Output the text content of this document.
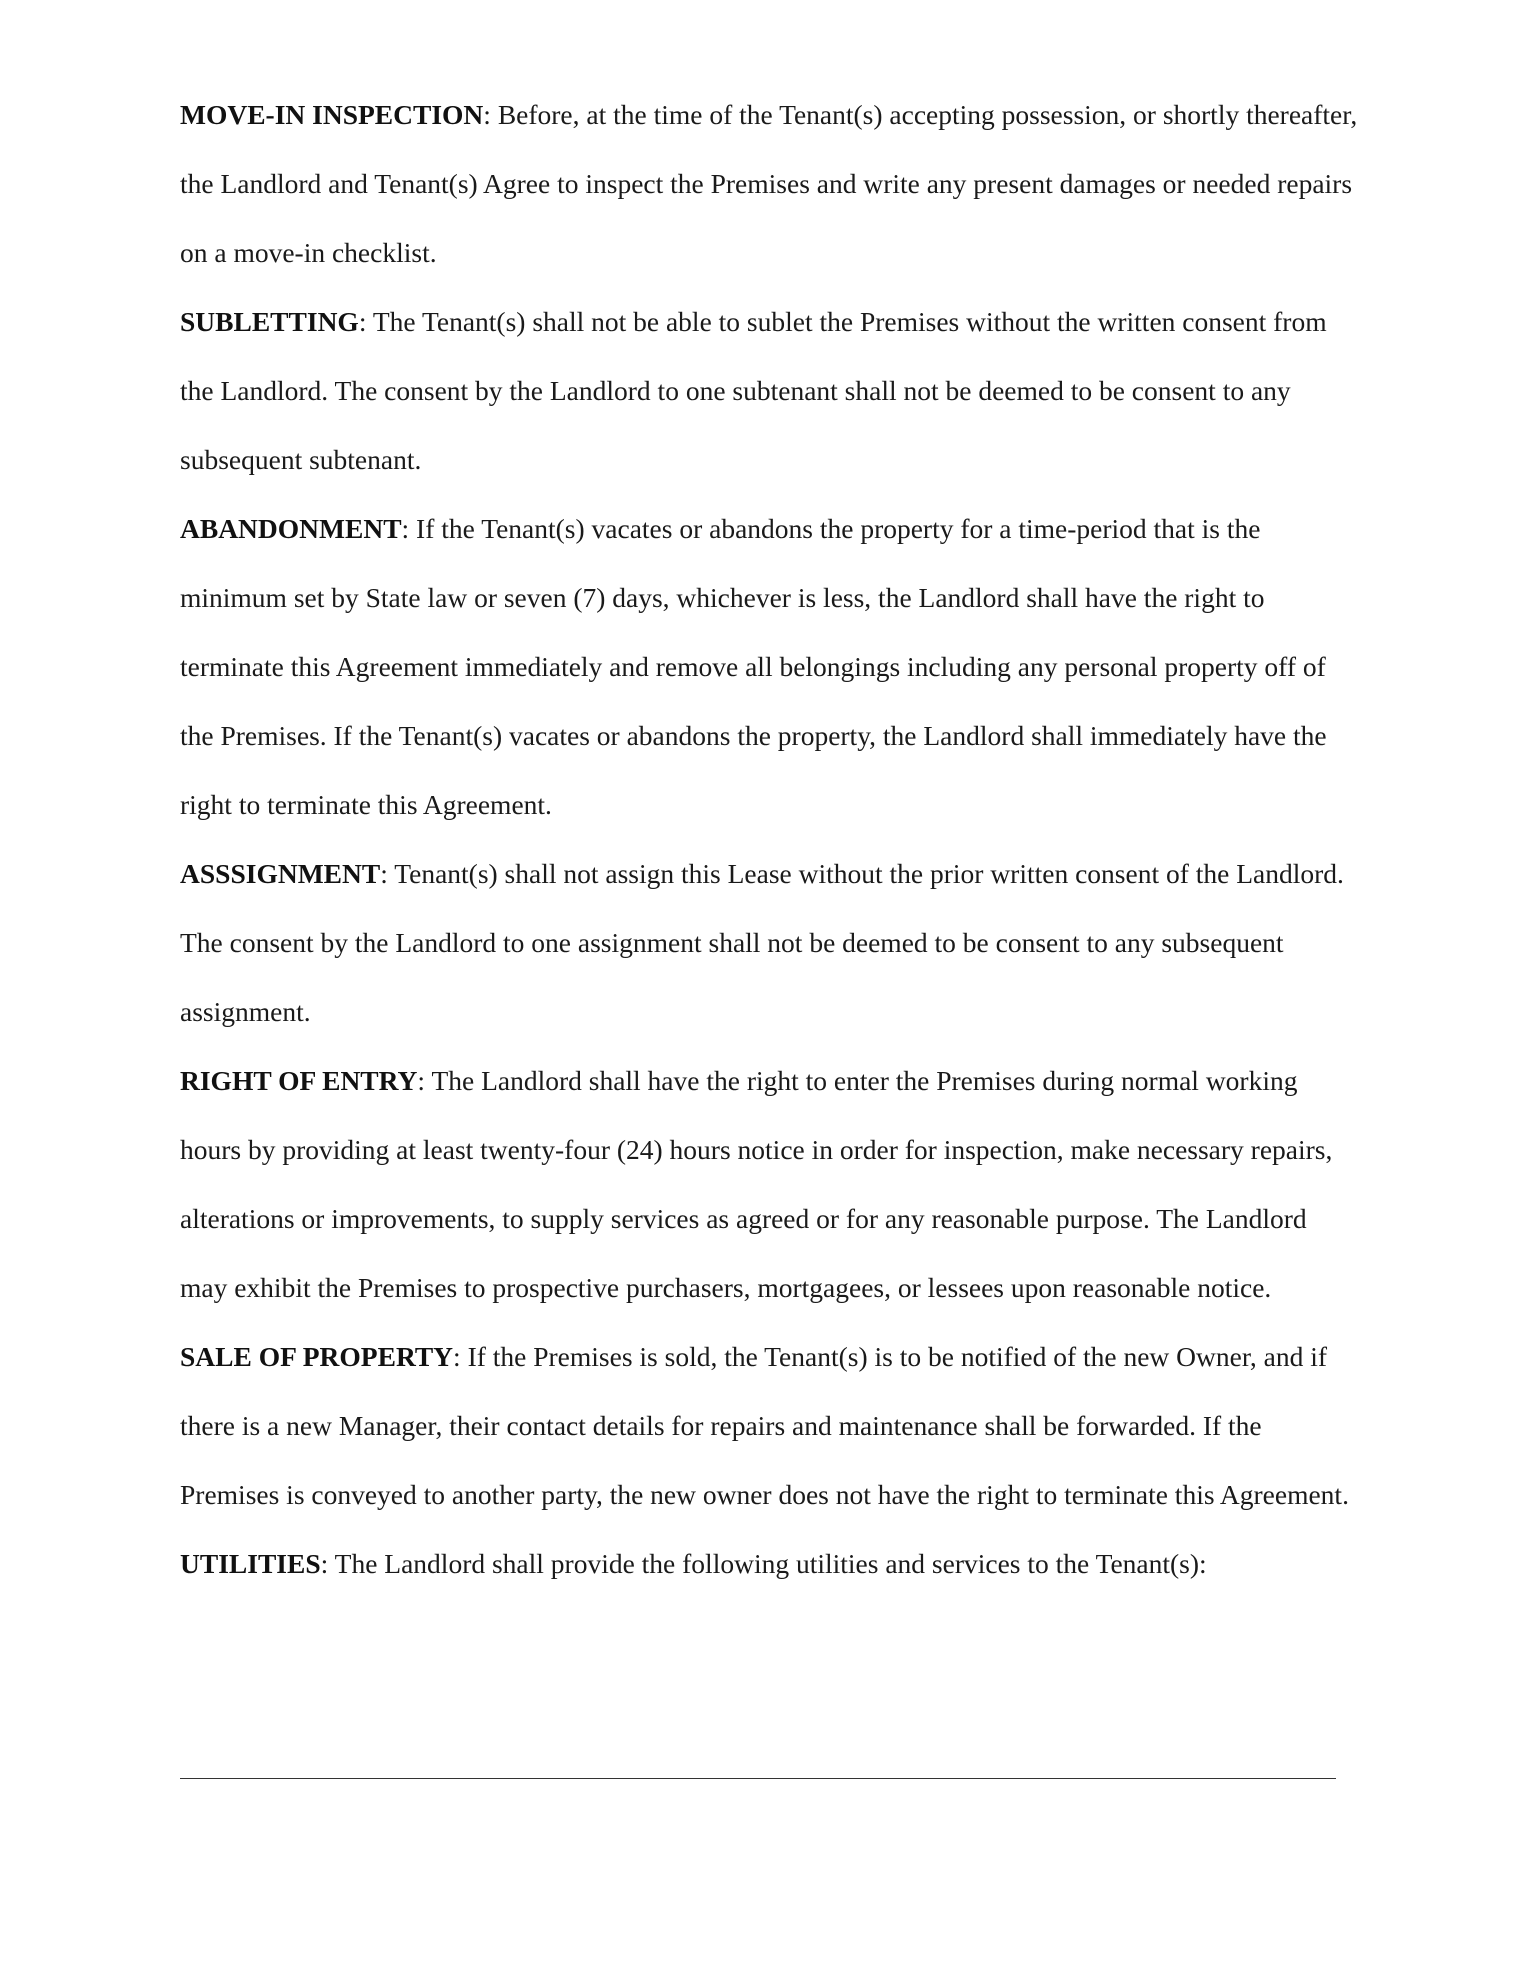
MOVE-IN INSPECTION: Before, at the time of the Tenant(s) accepting possession, or shortly thereafter, the Landlord and Tenant(s) Agree to inspect the Premises and write any present damages or needed repairs on a move-in checklist.

SUBLETTING: The Tenant(s) shall not be able to sublet the Premises without the written consent from the Landlord. The consent by the Landlord to one subtenant shall not be deemed to be consent to any subsequent subtenant.

ABANDONMENT: If the Tenant(s) vacates or abandons the property for a time-period that is the minimum set by State law or seven (7) days, whichever is less, the Landlord shall have the right to terminate this Agreement immediately and remove all belongings including any personal property off of the Premises. If the Tenant(s) vacates or abandons the property, the Landlord shall immediately have the right to terminate this Agreement.

ASSSIGNMENT: Tenant(s) shall not assign this Lease without the prior written consent of the Landlord. The consent by the Landlord to one assignment shall not be deemed to be consent to any subsequent assignment.

RIGHT OF ENTRY: The Landlord shall have the right to enter the Premises during normal working hours by providing at least twenty-four (24) hours notice in order for inspection, make necessary repairs, alterations or improvements, to supply services as agreed or for any reasonable purpose. The Landlord may exhibit the Premises to prospective purchasers, mortgagees, or lessees upon reasonable notice.

SALE OF PROPERTY: If the Premises is sold, the Tenant(s) is to be notified of the new Owner, and if there is a new Manager, their contact details for repairs and maintenance shall be forwarded. If the Premises is conveyed to another party, the new owner does not have the right to terminate this Agreement.

UTILITIES: The Landlord shall provide the following utilities and services to the Tenant(s):
